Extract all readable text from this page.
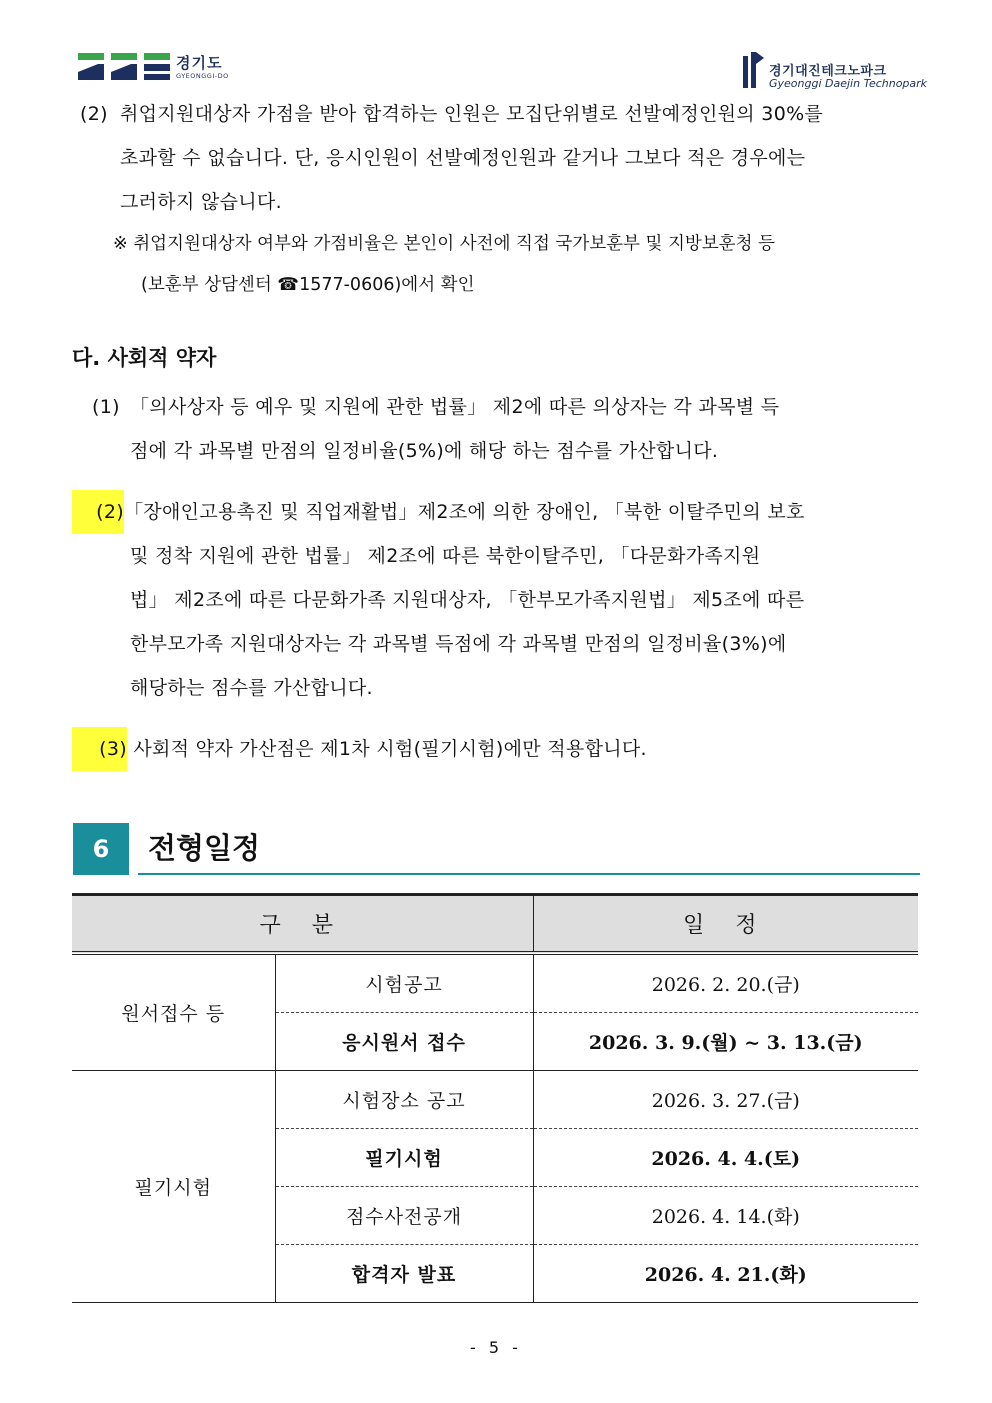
경기도
GYEONGGI-DO	경기대진테크노파크
Gyeonggi Daejin Technopark
(2) 취업지원대상자 가점을 받아 합격하는 인원은 모집단위별로 선발예정인원의 30%를
초과할 수 없습니다. 단, 응시인원이 선발예정인원과 같거나 그보다 적은 경우에는
그러하지 않습니다.
※ 취업지원대상자 여부와 가점비율은 본인이 사전에 직접 국가보훈부 및 지방보훈청 등
(보훈부 상담센터 ☎1577-0606)에서 확인
다. 사회적 약자
(1) 「의사상자 등 예우 및 지원에 관한 법률」 제2에 따른 의상자는 각 과목별 득
점에 각 과목별 만점의 일정비율(5%)에 해당 하는 점수를 가산합니다.
(2)「장애인고용촉진 및 직업재활법」제2조에 의한 장애인, 「북한 이탈주민의 보호
및 정착 지원에 관한 법률」 제2조에 따른 북한이탈주민, 「다문화가족지원
법」 제2조에 따른 다문화가족 지원대상자, 「한부모가족지원법」 제5조에 따른
한부모가족 지원대상자는 각 과목별 득점에 각 과목별 만점의 일정비율(3%)에
해당하는 점수를 가산합니다.
(3) 사회적 약자 가산점은 제1차 시험(필기시험)에만 적용합니다.
6	전형일정
구 분		일 정
원서접수 등	시험공고	2026. 2. 20.(금)
	응시원서 접수	2026. 3. 9.(월) ~ 3. 13.(금)
필기시험	시험장소 공고	2026. 3. 27.(금)
	필기시험	2026. 4. 4.(토)
	점수사전공개	2026. 4. 14.(화)
	합격자 발표	2026. 4. 21.(화)
- 5 -
